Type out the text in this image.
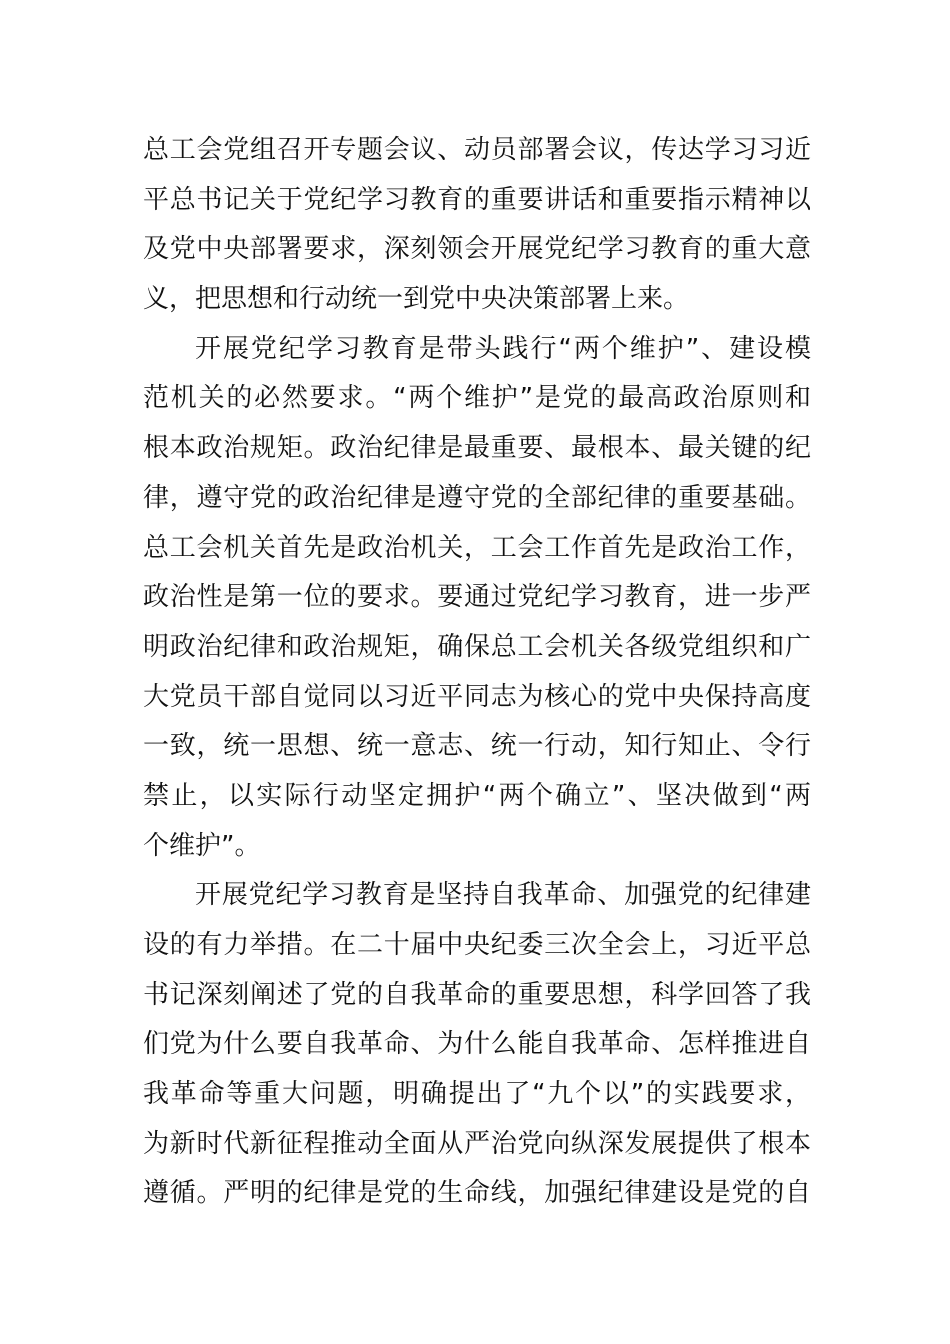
总工会党组召开专题会议、动员部署会议，传达学习习近
平总书记关于党纪学习教育的重要讲话和重要指示精神以
及党中央部署要求，深刻领会开展党纪学习教育的重大意
义，把思想和行动统一到党中央决策部署上来。
开展党纪学习教育是带头践行“两个维护”、建设模
范机关的必然要求。“两个维护”是党的最高政治原则和
根本政治规矩。政治纪律是最重要、最根本、最关键的纪
律，遵守党的政治纪律是遵守党的全部纪律的重要基础。
总工会机关首先是政治机关，工会工作首先是政治工作，
政治性是第一位的要求。要通过党纪学习教育，进一步严
明政治纪律和政治规矩，确保总工会机关各级党组织和广
大党员干部自觉同以习近平同志为核心的党中央保持高度
一致，统一思想、统一意志、统一行动，知行知止、令行
禁止，以实际行动坚定拥护“两个确立”、坚决做到“两
个维护”。
开展党纪学习教育是坚持自我革命、加强党的纪律建
设的有力举措。在二十届中央纪委三次全会上，习近平总
书记深刻阐述了党的自我革命的重要思想，科学回答了我
们党为什么要自我革命、为什么能自我革命、怎样推进自
我革命等重大问题，明确提出了“九个以”的实践要求，
为新时代新征程推动全面从严治党向纵深发展提供了根本
遵循。严明的纪律是党的生命线，加强纪律建设是党的自
